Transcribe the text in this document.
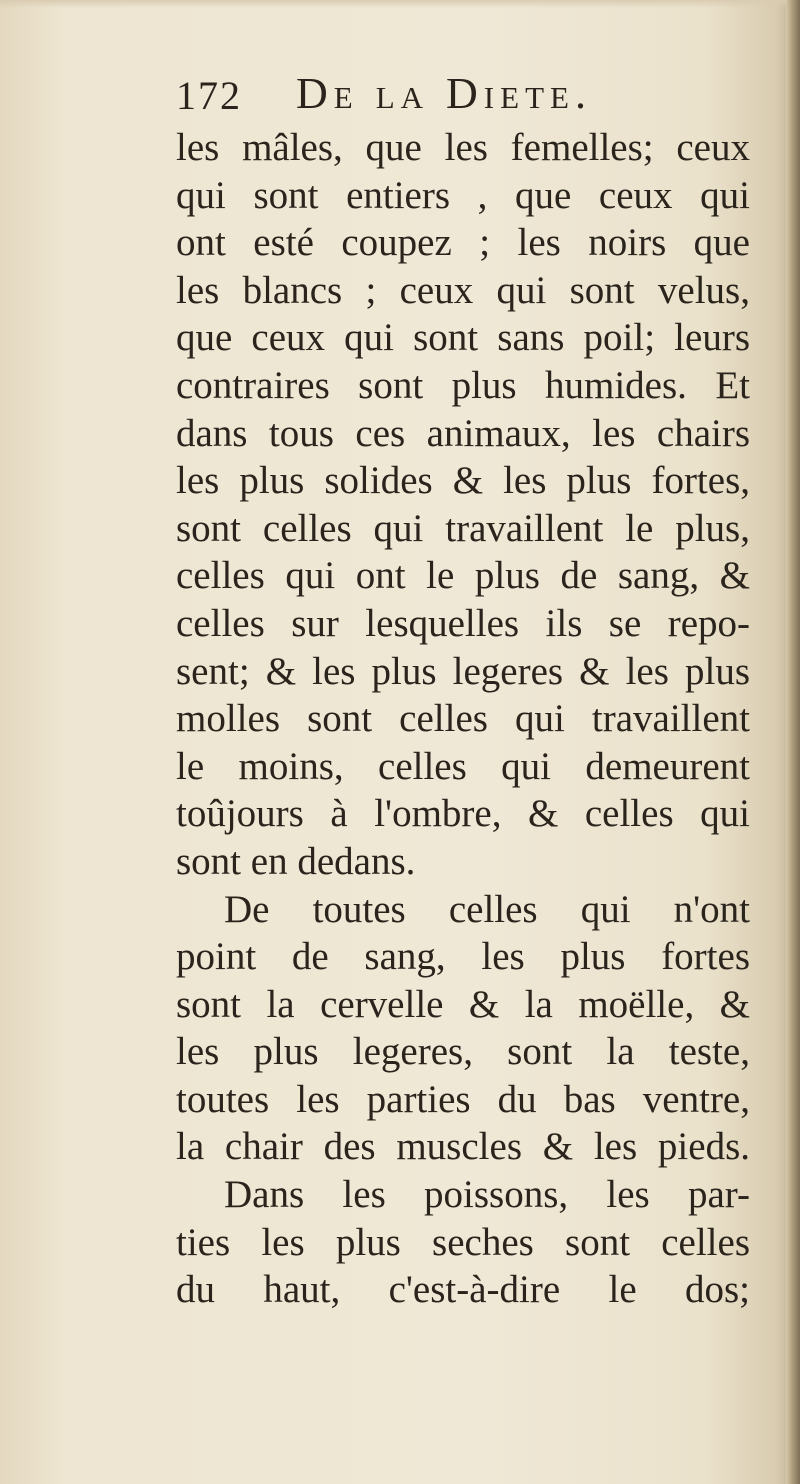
172 De la Diete.
les mâles, que les femelles; ceux
qui sont entiers , que ceux qui
ont esté coupez ; les noirs que
les blancs ; ceux qui sont velus,
que ceux qui sont sans poil; leurs
contraires sont plus humides. Et
dans tous ces animaux, les chairs
les plus solides & les plus fortes,
sont celles qui travaillent le plus,
celles qui ont le plus de sang, &
celles sur lesquelles ils se repo-
sent; & les plus legeres & les plus
molles sont celles qui travaillent
le moins, celles qui demeurent
toûjours à l'ombre, & celles qui
sont en dedans.
De toutes celles qui n'ont
point de sang, les plus fortes
sont la cervelle & la moëlle, &
les plus legeres, sont la teste,
toutes les parties du bas ventre,
la chair des muscles & les pieds.
Dans les poissons, les par-
ties les plus seches sont celles
du haut, c'est-à-dire le dos;
